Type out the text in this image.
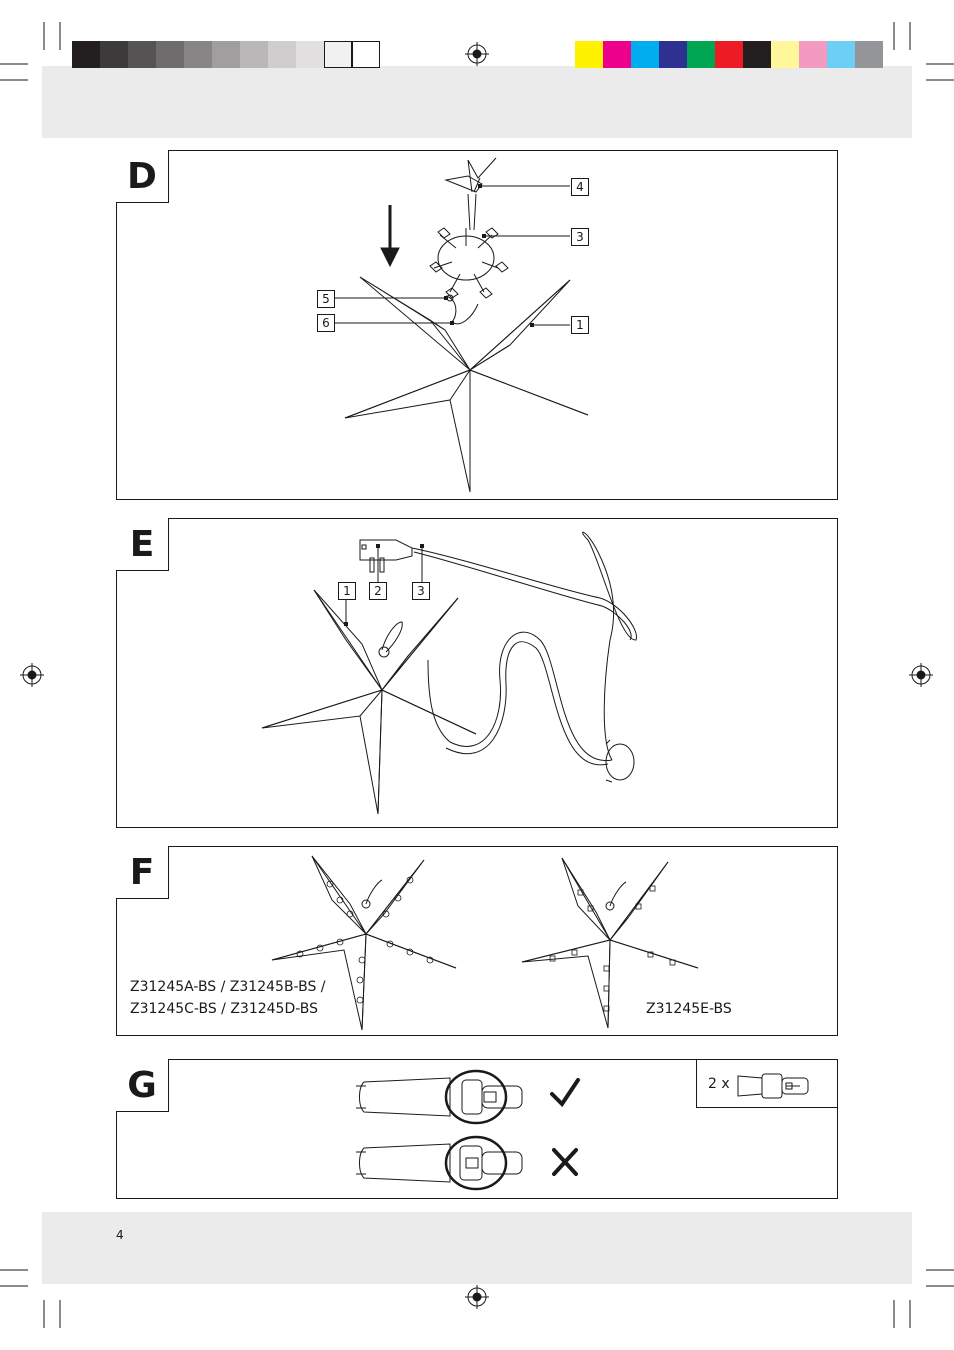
D	4
3
5
6	1
E
1	2	3
F
Z31245A-BS / Z31245B-BS /
Z31245C-BS / Z31245D-BS	Z31245E-BS
G	2 x
4
